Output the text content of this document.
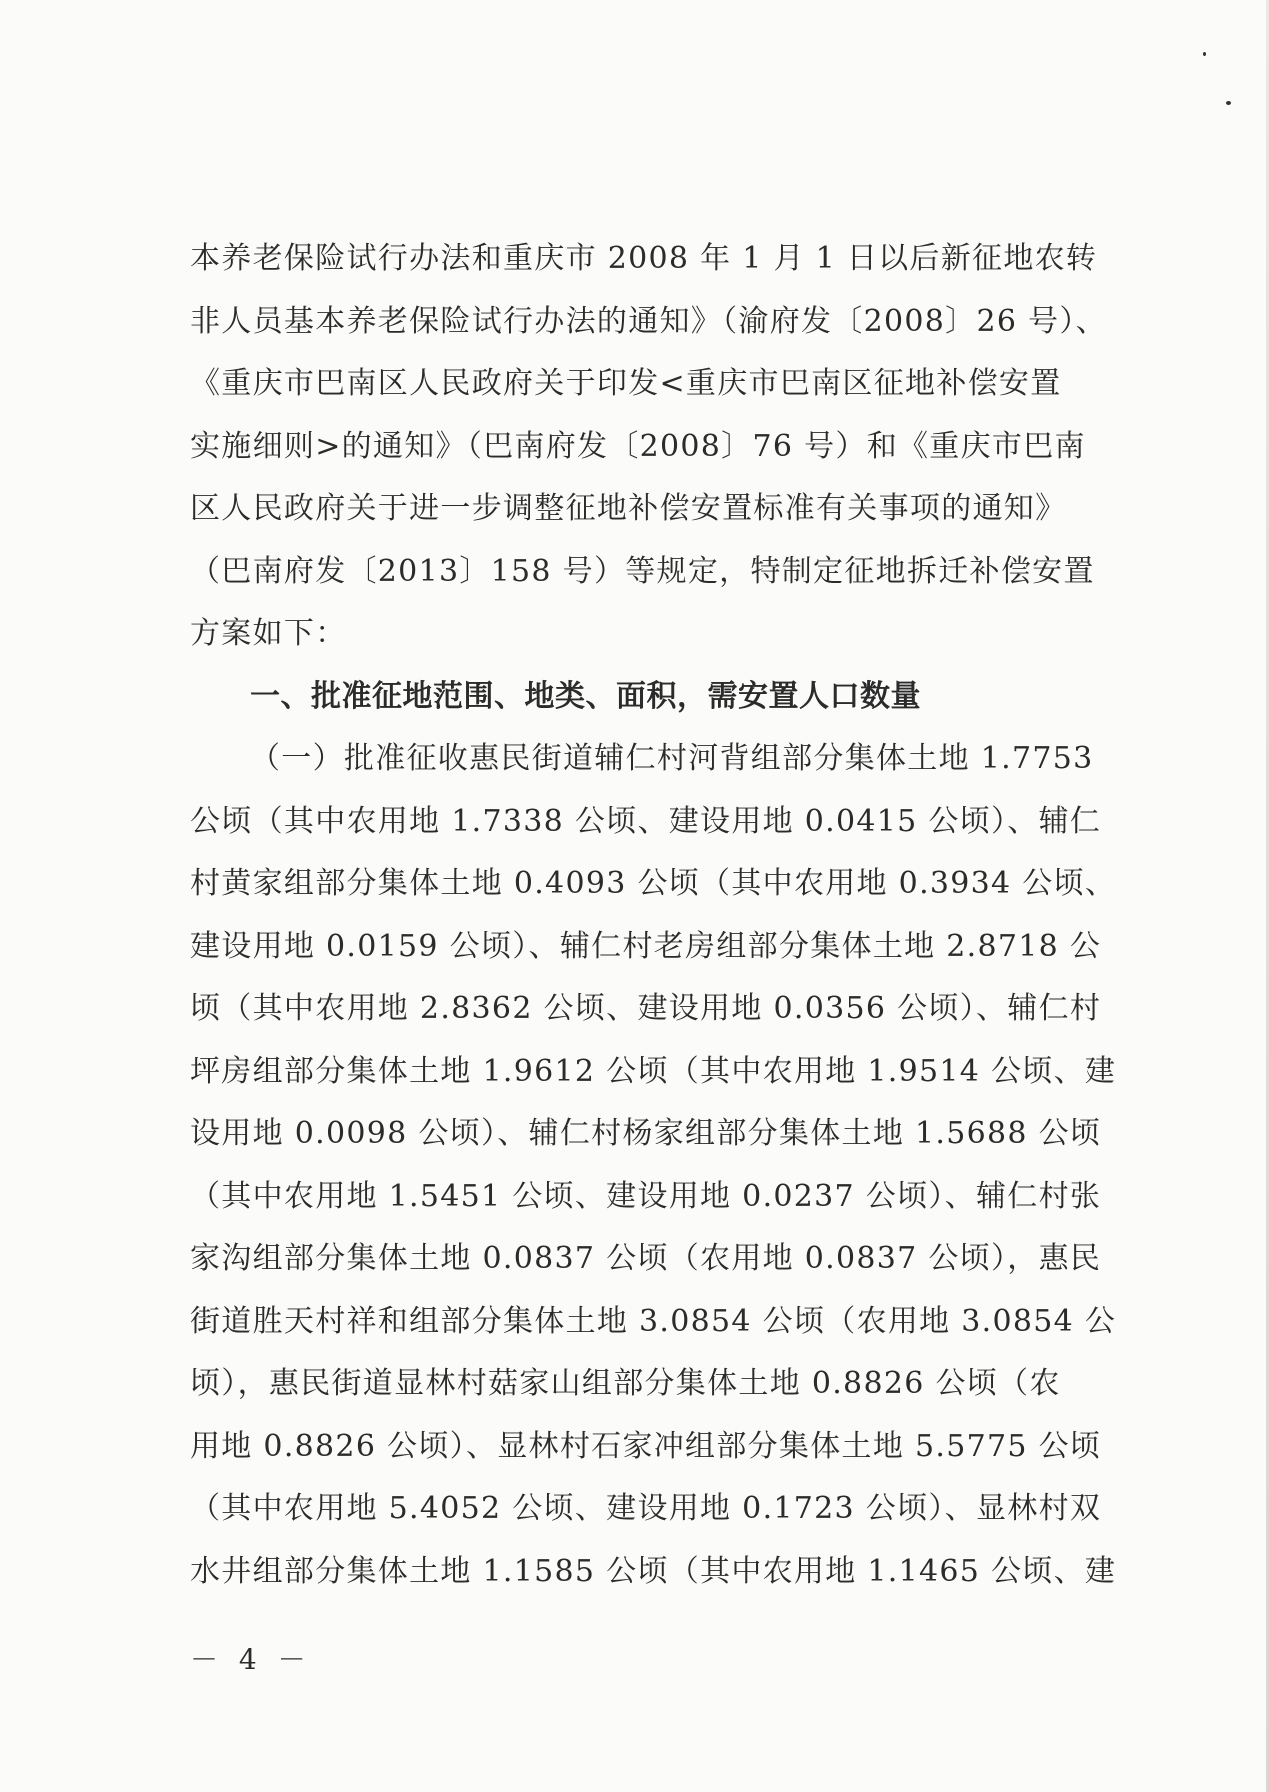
本养老保险试行办法和重庆市 2008 年 1 月 1 日以后新征地农转
非人员基本养老保险试行办法的通知》（渝府发〔2008〕26 号）、
《重庆市巴南区人民政府关于印发<重庆市巴南区征地补偿安置
实施细则>的通知》（巴南府发〔2008〕76 号）和《重庆市巴南
区人民政府关于进一步调整征地补偿安置标准有关事项的通知》
（巴南府发〔2013〕158 号）等规定，特制定征地拆迁补偿安置
方案如下：
一、批准征地范围、地类、面积，需安置人口数量
（一）批准征收惠民街道辅仁村河背组部分集体土地 1.7753
公顷（其中农用地 1.7338 公顷、建设用地 0.0415 公顷）、辅仁
村黄家组部分集体土地 0.4093 公顷（其中农用地 0.3934 公顷、
建设用地 0.0159 公顷）、辅仁村老房组部分集体土地 2.8718 公
顷（其中农用地 2.8362 公顷、建设用地 0.0356 公顷）、辅仁村
坪房组部分集体土地 1.9612 公顷（其中农用地 1.9514 公顷、建
设用地 0.0098 公顷）、辅仁村杨家组部分集体土地 1.5688 公顷
（其中农用地 1.5451 公顷、建设用地 0.0237 公顷）、辅仁村张
家沟组部分集体土地 0.0837 公顷（农用地 0.0837 公顷），惠民
街道胜天村祥和组部分集体土地 3.0854 公顷（农用地 3.0854 公
顷），惠民街道显林村菇家山组部分集体土地 0.8826 公顷（农
用地 0.8826 公顷）、显林村石家冲组部分集体土地 5.5775 公顷
（其中农用地 5.4052 公顷、建设用地 0.1723 公顷）、显林村双
水井组部分集体土地 1.1585 公顷（其中农用地 1.1465 公顷、建
－ 4 －
